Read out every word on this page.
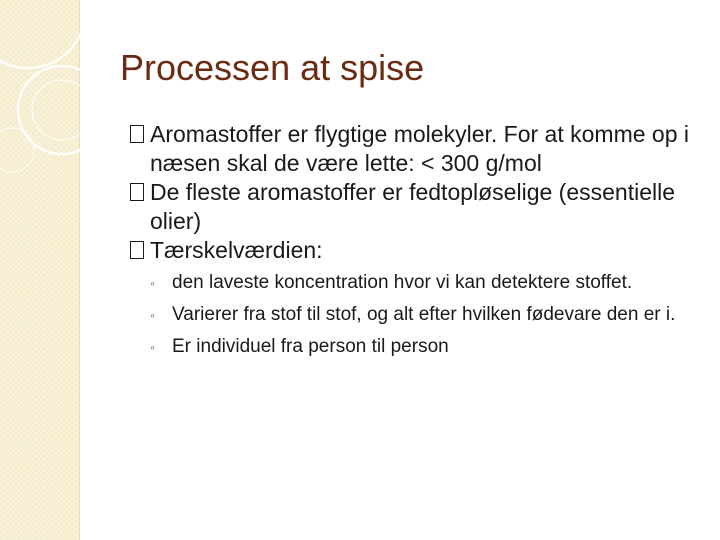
Processen at spise
Aromastoffer er flygtige molekyler. For at komme op i næsen skal de være lette: < 300 g/mol
De fleste aromastoffer er fedtopløselige (essentielle olier)
Tærskelværdien:
◦ den laveste koncentration hvor vi kan detektere stoffet.
◦ Varierer fra stof til stof, og alt efter hvilken fødevare den er i.
◦ Er individuel fra person til person
